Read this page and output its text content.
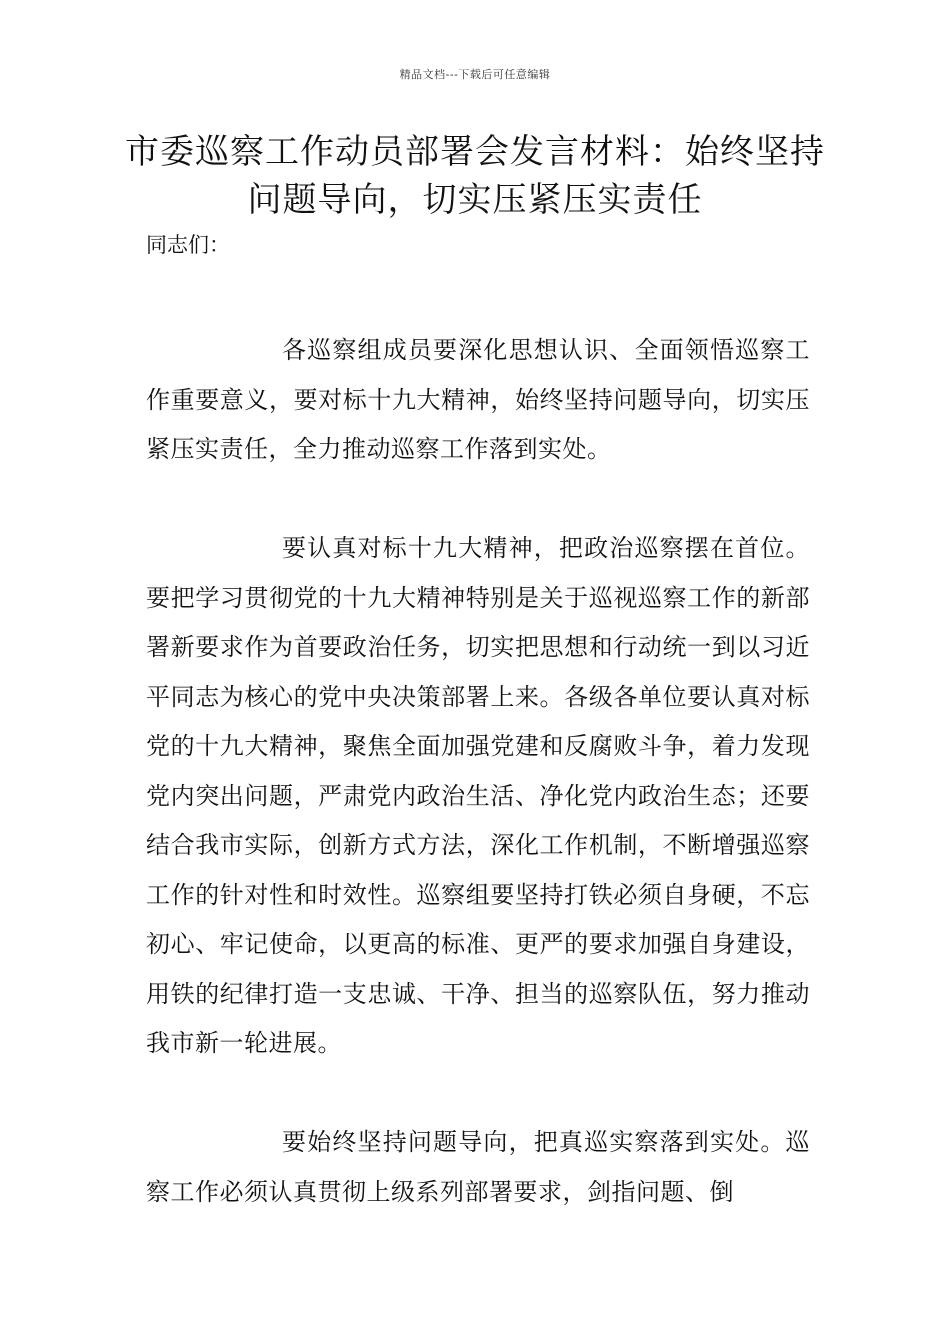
精品文档---下载后可任意编辑
市委巡察工作动员部署会发言材料：始终坚持问题导向，切实压紧压实责任
同志们：

各巡察组成员要深化思想认识、全面领悟巡察工作重要意义，要对标十九大精神，始终坚持问题导向，切实压紧压实责任，全力推动巡察工作落到实处。

要认真对标十九大精神，把政治巡察摆在首位。要把学习贯彻党的十九大精神特别是关于巡视巡察工作的新部署新要求作为首要政治任务，切实把思想和行动统一到以习近平同志为核心的党中央决策部署上来。各级各单位要认真对标党的十九大精神，聚焦全面加强党建和反腐败斗争，着力发现党内突出问题，严肃党内政治生活、净化党内政治生态；还要结合我市实际，创新方式方法，深化工作机制，不断增强巡察工作的针对性和时效性。巡察组要坚持打铁必须自身硬，不忘初心、牢记使命，以更高的标准、更严的要求加强自身建设，用铁的纪律打造一支忠诚、干净、担当的巡察队伍，努力推动我市新一轮进展。

要始终坚持问题导向，把真巡实察落到实处。巡察工作必须认真贯彻上级系列部署要求，剑指问题、倒
